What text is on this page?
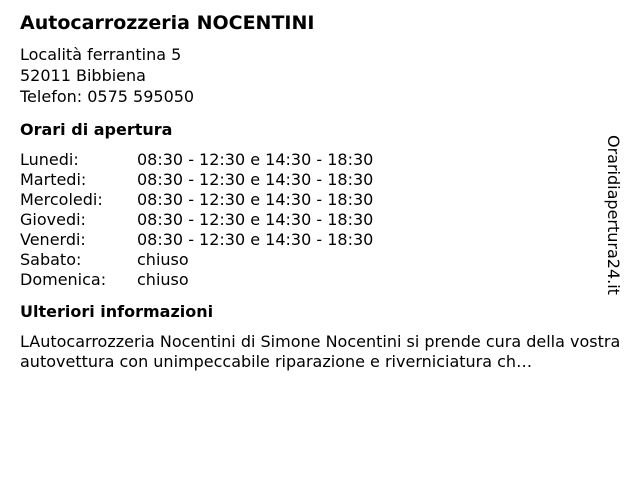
Autocarrozzeria NOCENTINI

Località ferrantina 5

52011 Bibbiena

Telefon: 0575 595050

Orari di apertura
Lunedi:	08:30 - 12:30 e 14:30 - 18:30
Martedi:	08:30 - 12:30 e 14:30 - 18:30
Mercoledi:	08:30 - 12:30 e 14:30 - 18:30
Giovedi:	08:30 - 12:30 e 14:30 - 18:30
Venerdi:	08:30 - 12:30 e 14:30 - 18:30
Sabato:	chiuso
Domenica:	chiuso
Ulteriori informazioni

LAutocarrozzeria Nocentini di Simone Nocentini si prende cura della vostra autovettura con unimpeccabile riparazione e riverniciatura ch…

Oraridiapertura24.it
